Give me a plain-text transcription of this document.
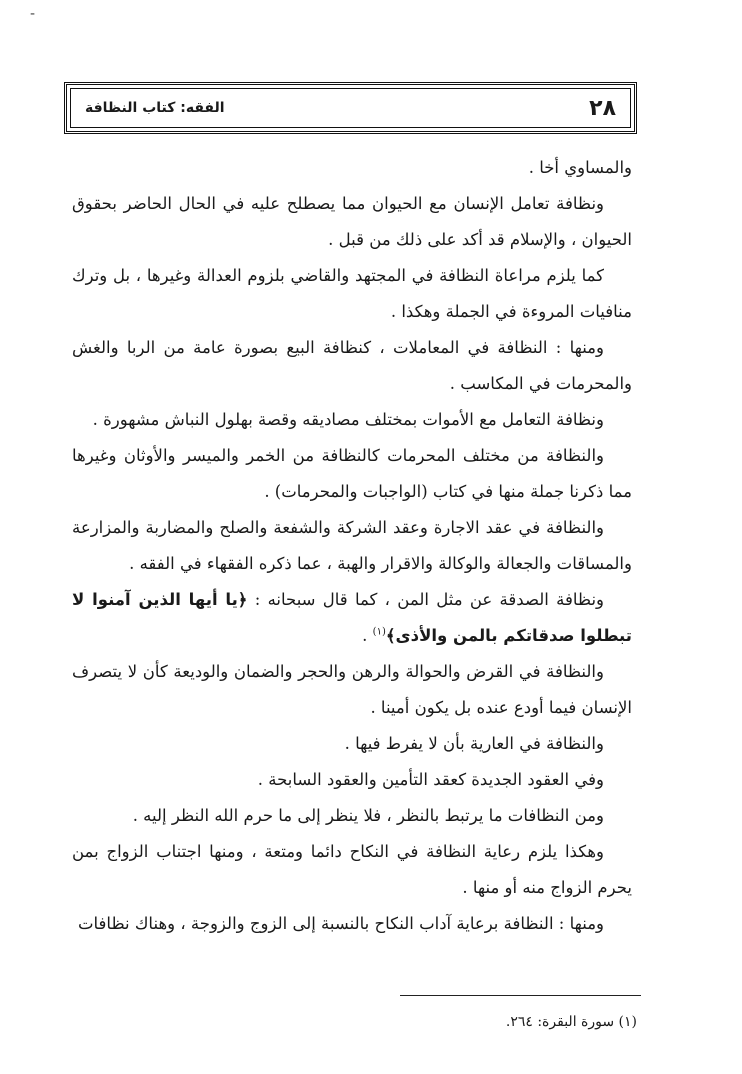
-
٢٨
الفقه: كتاب النظافة

والمساوي أخا .

ونظافة تعامل الإنسان مع الحيوان مما يصطلح عليه في الحال الحاضر بحقوق الحيوان ، والإسلام قد أكد على ذلك من قبل .

كما يلزم مراعاة النظافة في المجتهد والقاضي بلزوم العدالة وغيرها ، بل وترك منافيات المروءة في الجملة وهكذا .

ومنها : النظافة في المعاملات ، كنظافة البيع بصورة عامة من الربا والغش والمحرمات في المكاسب .

ونظافة التعامل مع الأموات بمختلف مصاديقه وقصة بهلول النباش مشهورة .

والنظافة من مختلف المحرمات كالنظافة من الخمر والميسر والأوثان وغيرها مما ذكرنا جملة منها في كتاب (الواجبات والمحرمات) .

والنظافة في عقد الاجارة وعقد الشركة والشفعة والصلح والمضاربة والمزارعة والمساقات والجعالة والوكالة والاقرار والهبة ، عما ذكره الفقهاء في الفقه .

ونظافة الصدقة عن مثل المن ، كما قال سبحانه : ﴿يا أيها الذين آمنوا لا تبطلوا صدقاتكم بالمن والأذى﴾$^{(١)}$ .

والنظافة في القرض والحوالة والرهن والحجر والضمان والوديعة كأن لا يتصرف الإنسان فيما أودع عنده بل يكون أمينا .

والنظافة في العارية بأن لا يفرط فيها .

وفي العقود الجديدة كعقد التأمين والعقود السابحة .

ومن النظافات ما يرتبط بالنظر ، فلا ينظر إلى ما حرم الله النظر إليه .

وهكذا يلزم رعاية النظافة في النكاح دائما ومتعة ، ومنها اجتناب الزواج بمن يحرم الزواج منه أو منها .

ومنها : النظافة برعاية آداب النكاح بالنسبة إلى الزوج والزوجة ، وهناك نظافات

(١) سورة البقرة: ٢٦٤.
